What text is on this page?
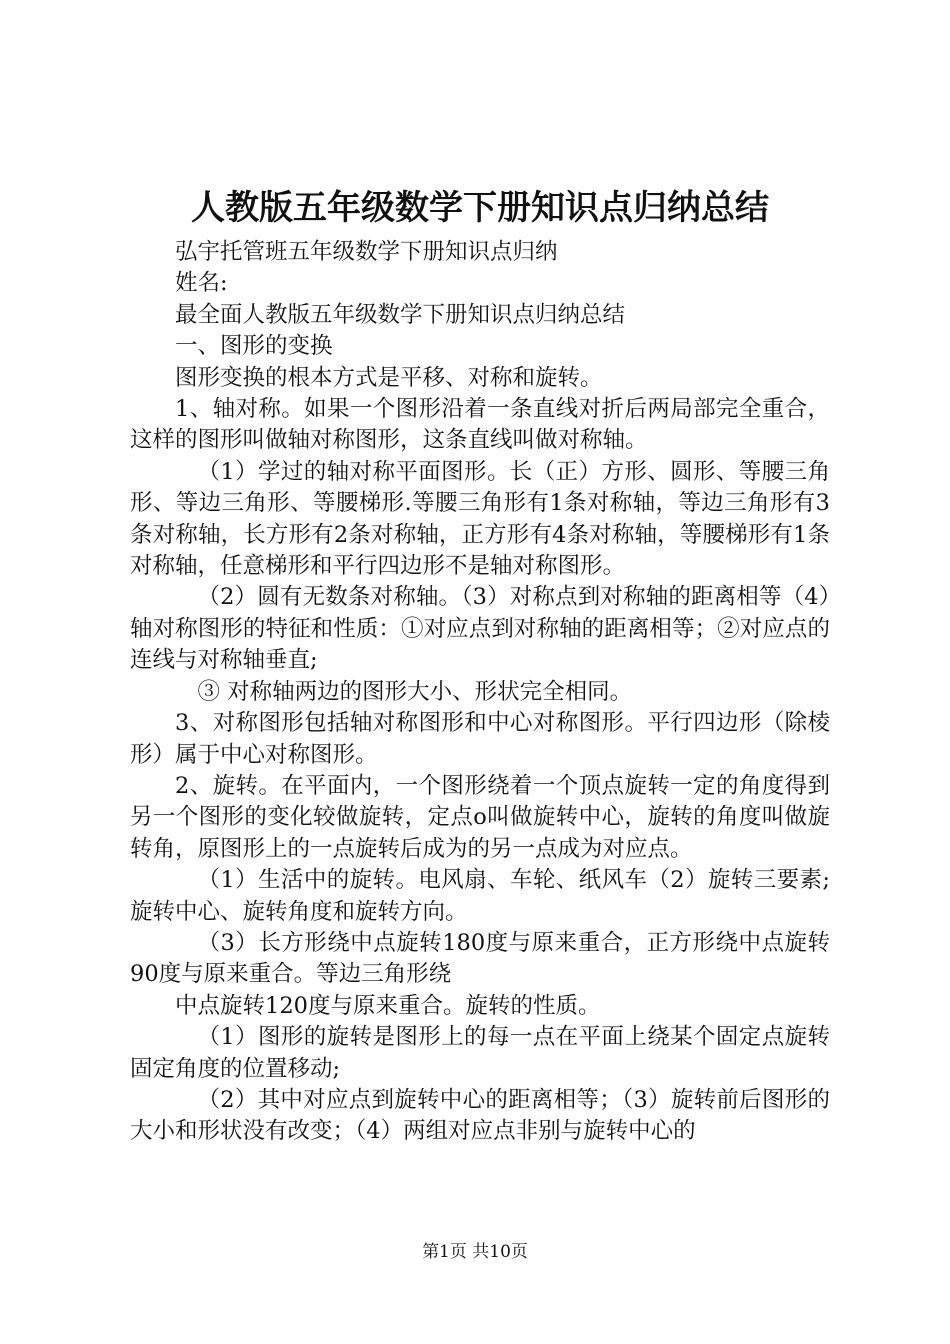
人教版五年级数学下册知识点归纳总结

弘宇托管班五年级数学下册知识点归纳

姓名:

最全面人教版五年级数学下册知识点归纳总结

一、图形的变换

图形变换的根本方式是平移、对称和旋转。

1、轴对称。如果一个图形沿着一条直线对折后两局部完全重合，这样的图形叫做轴对称图形，这条直线叫做对称轴。

（1）学过的轴对称平面图形。长（正）方形、圆形、等腰三角形、等边三角形、等腰梯形.等腰三角形有1条对称轴，等边三角形有3条对称轴，长方形有2条对称轴，正方形有4条对称轴，等腰梯形有1条对称轴，任意梯形和平行四边形不是轴对称图形。

（2）圆有无数条对称轴。（3）对称点到对称轴的距离相等（4）轴对称图形的特征和性质：①对应点到对称轴的距离相等；②对应点的连线与对称轴垂直;

③ 对称轴两边的图形大小、形状完全相同。

3、对称图形包括轴对称图形和中心对称图形。平行四边形（除棱形）属于中心对称图形。

2、旋转。在平面内，一个图形绕着一个顶点旋转一定的角度得到另一个图形的变化较做旋转，定点o叫做旋转中心，旋转的角度叫做旋转角，原图形上的一点旋转后成为的另一点成为对应点。

（1）生活中的旋转。电风扇、车轮、纸风车（2）旋转三要素;旋转中心、旋转角度和旋转方向。

（3）长方形绕中点旋转180度与原来重合，正方形绕中点旋转90度与原来重合。等边三角形绕

中点旋转120度与原来重合。旋转的性质。

（1）图形的旋转是图形上的每一点在平面上绕某个固定点旋转固定角度的位置移动;

（2）其中对应点到旋转中心的距离相等；（3）旋转前后图形的大小和形状没有改变；（4）两组对应点非别与旋转中心的

第1页 共10页
